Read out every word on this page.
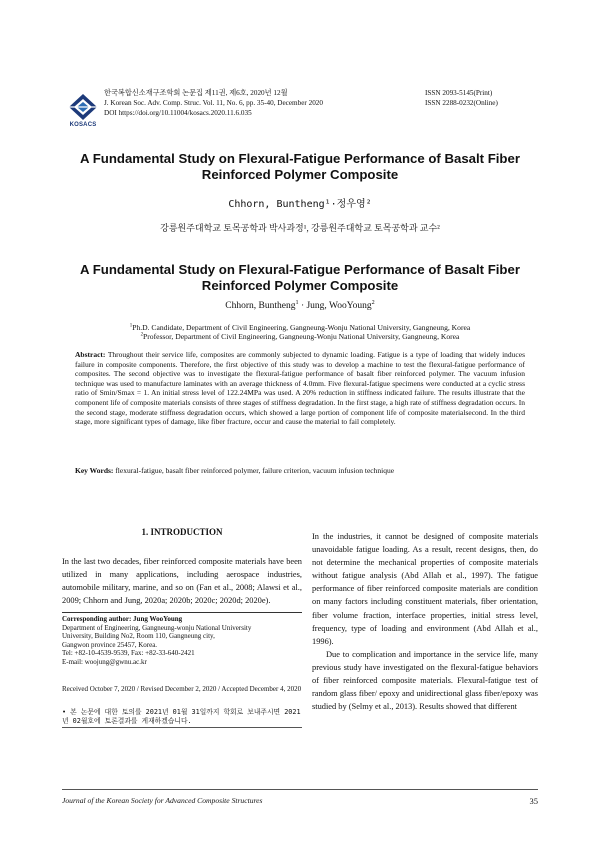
KOSACS
한국복합신소재구조학회 논문집 제11권, 제6호, 2020년 12월
J. Korean Soc. Adv. Comp. Struc. Vol. 11, No. 6, pp. 35-40, December 2020
DOI https://doi.org/10.11004/kosacs.2020.11.6.035
ISSN 2093-5145(Print)
ISSN 2288-0232(Online)
A Fundamental Study on Flexural-Fatigue Performance of Basalt Fiber Reinforced Polymer Composite
Chhorn, Buntheng¹·정우영²
강릉원주대학교 토목공학과 박사과정¹, 강릉원주대학교 토목공학과 교수²
A Fundamental Study on Flexural-Fatigue Performance of Basalt Fiber Reinforced Polymer Composite
Chhorn, Buntheng$^1$ · Jung, WooYoung$^2$
$^1$Ph.D. Candidate, Department of Civil Engineering, Gangneung-Wonju National University, Gangneung, Korea
$^2$Professor, Department of Civil Engineering, Gangneung-Wonju National University, Gangneung, Korea
Abstract: Throughout their service life, composites are commonly subjected to dynamic loading. Fatigue is a type of loading that widely induces failure in composite components. Therefore, the first objective of this study was to develop a machine to test the flexural-fatigue performance of composites. The second objective was to investigate the flexural-fatigue performance of basalt fiber reinforced polymer. The vacuum infusion technique was used to manufacture laminates with an average thickness of 4.0mm. Five flexural-fatigue specimens were conducted at a cyclic stress ratio of Smin/Smax = 1. An initial stress level of 122.24MPa was used. A 20% reduction in stiffness indicated failure. The results illustrate that the component life of composite materials consists of three stages of stiffness degradation. In the first stage, a high rate of stiffness degradation occurs. In the second stage, moderate stiffness degradation occurs, which showed a large portion of component life of composite materialsecond. In the third stage, more significant types of damage, like fiber fracture, occur and cause the material to fail completely.
Key Words: flexural-fatigue, basalt fiber reinforced polymer, failure criterion, vacuum infusion technique
1. INTRODUCTION
In the last two decades, fiber reinforced composite materials have been utilized in many applications, including aerospace industries, automobile military, marine, and so on (Fan et al., 2008; Alawsi et al., 2009; Chhorn and Jung, 2020a; 2020b; 2020c; 2020d; 2020e).
Corresponding author: Jung WooYoung
Department of Engineering, Gangneung-wonju National University
University, Building No2, Room 110, Gangneung city,
Gangwon province 25457, Korea.
Tel: +82-10-4539-9539, Fax: +82-33-640-2421
E-mail: woojung@gwnu.ac.kr
Received October 7, 2020 / Revised December 2, 2020 / Accepted December 4, 2020
• 본 논문에 대한 토의를 2021년 01월 31일까지 학회로 보내주시면 2021년 02월호에 토론결과를 게재하겠습니다.
In the industries, it cannot be designed of composite materials unavoidable fatigue loading. As a result, recent designs, then, do not determine the mechanical properties of composite materials without fatigue analysis (Abd Allah et al., 1997). The fatigue performance of fiber reinforced composite materials are condition on many factors including constituent materials, fiber orientation, fiber volume fraction, interface properties, initial stress level, frequency, type of loading and environment (Abd Allah et al., 1996).
Due to complication and importance in the service life, many previous study have investigated on the flexural-fatigue behaviors of fiber reinforced composite materials. Flexural-fatigue test of random glass fiber/ epoxy and unidirectional glass fiber/epoxy was studied by (Selmy et al., 2013). Results showed that different
Journal of the Korean Society for Advanced Composite Structures	35
